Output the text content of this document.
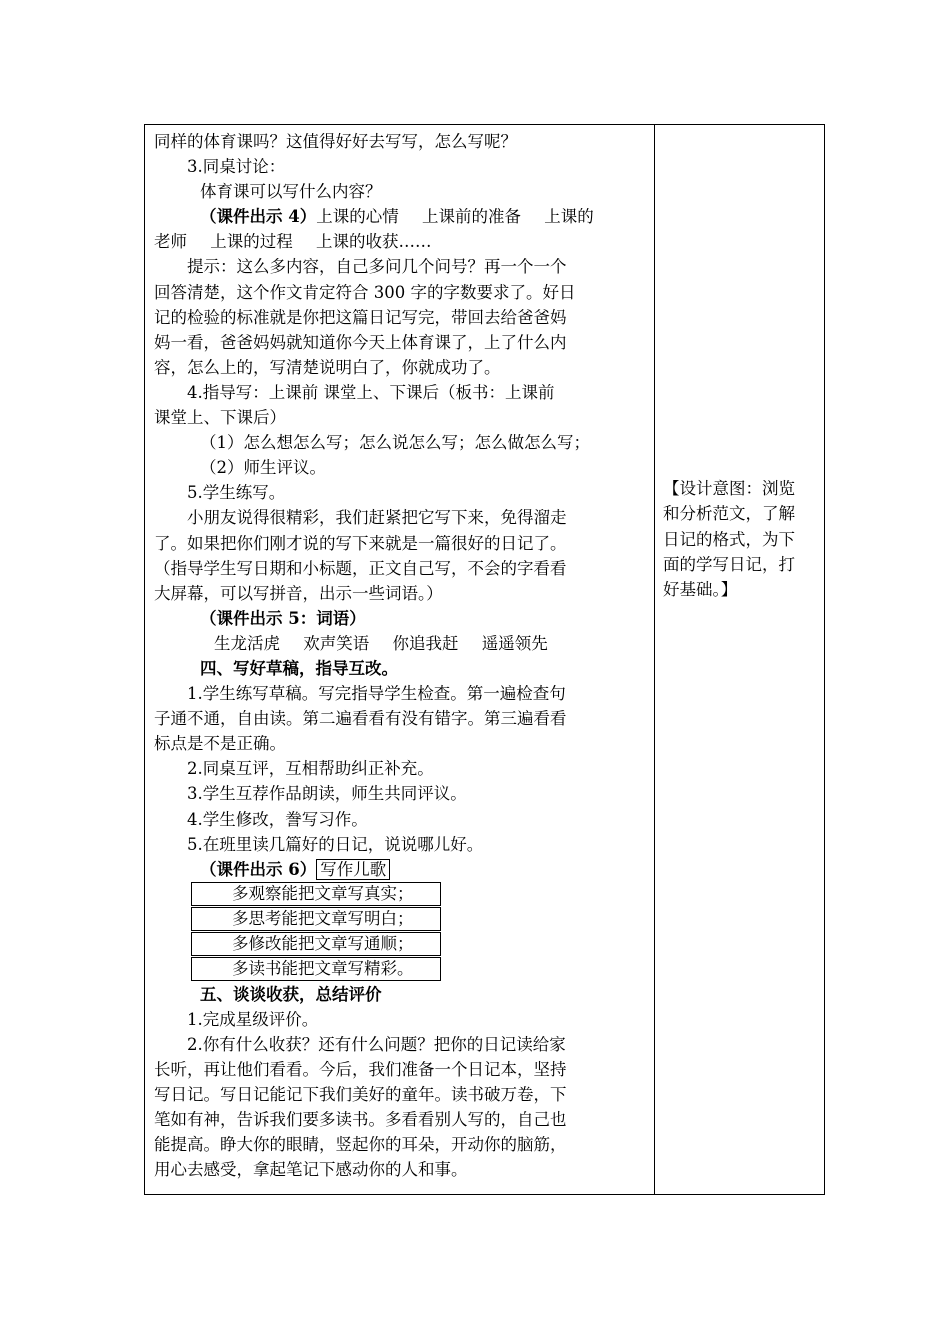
同样的体育课吗？这值得好好去写写，怎么写呢？
3.同桌讨论：
体育课可以写什么内容？
（课件出示 4）上课的心情 上课前的准备 上课的
老师 上课的过程 上课的收获……
提示：这么多内容，自己多问几个问号？再一个一个
回答清楚，这个作文肯定符合 300 字的字数要求了。好日
记的检验的标准就是你把这篇日记写完，带回去给爸爸妈
妈一看，爸爸妈妈就知道你今天上体育课了，上了什么内
容，怎么上的，写清楚说明白了，你就成功了。
4.指导写：上课前 课堂上、下课后（板书：上课前
课堂上、下课后）
（1）怎么想怎么写；怎么说怎么写；怎么做怎么写；
（2）师生评议。
5.学生练写。
小朋友说得很精彩，我们赶紧把它写下来，免得溜走
了。如果把你们刚才说的写下来就是一篇很好的日记了。
（指导学生写日期和小标题，正文自己写，不会的字看看
大屏幕，可以写拼音，出示一些词语。）
（课件出示 5：词语）
生龙活虎 欢声笑语 你追我赶 遥遥领先
四、写好草稿，指导互改。
1.学生练写草稿。写完指导学生检查。第一遍检查句
子通不通，自由读。第二遍看看有没有错字。第三遍看看
标点是不是正确。
2.同桌互评，互相帮助纠正补充。
3.学生互荐作品朗读，师生共同评议。
4.学生修改，誊写习作。
5.在班里读几篇好的日记，说说哪儿好。
（课件出示 6） 写作儿歌
多观察能把文章写真实；
多思考能把文章写明白；
多修改能把文章写通顺；
多读书能把文章写精彩。
五、谈谈收获，总结评价
1.完成星级评价。
2.你有什么收获？还有什么问题？把你的日记读给家
长听，再让他们看看。今后，我们准备一个日记本，坚持
写日记。写日记能记下我们美好的童年。读书破万卷，下
笔如有神，告诉我们要多读书。多看看别人写的，自己也
能提高。睁大你的眼睛，竖起你的耳朵，开动你的脑筋，
用心去感受，拿起笔记下感动你的人和事。
【设计意图：浏览
和分析范文，了解
日记的格式，为下
面的学写日记，打
好基础。】
